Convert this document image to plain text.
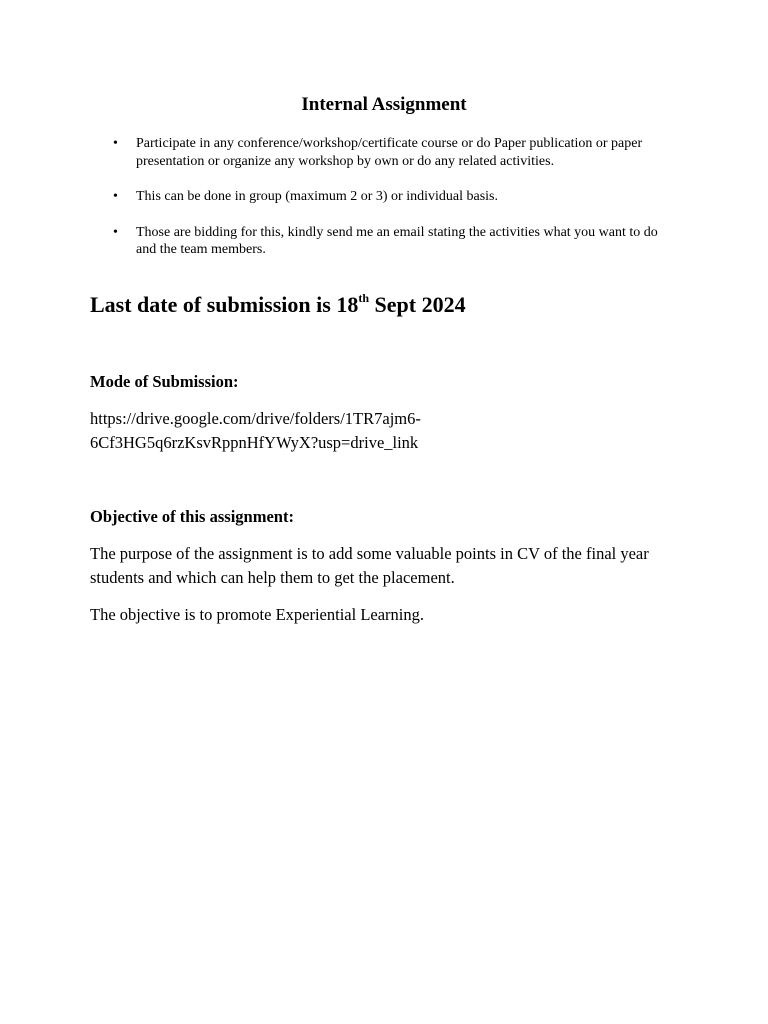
Internal Assignment
• Participate in any conference/workshop/certificate course or do Paper publication or paper presentation or organize any workshop by own or do any related activities.
• This can be done in group (maximum 2 or 3) or individual basis.
• Those are bidding for this, kindly send me an email stating the activities what you want to do and the team members.
Last date of submission is 18th Sept 2024
Mode of Submission:
https://drive.google.com/drive/folders/1TR7ajm6-
6Cf3HG5q6rzKsvRppnHfYWyX?usp=drive_link
Objective of this assignment:
The purpose of the assignment is to add some valuable points in CV of the final year students and which can help them to get the placement.
The objective is to promote Experiential Learning.
